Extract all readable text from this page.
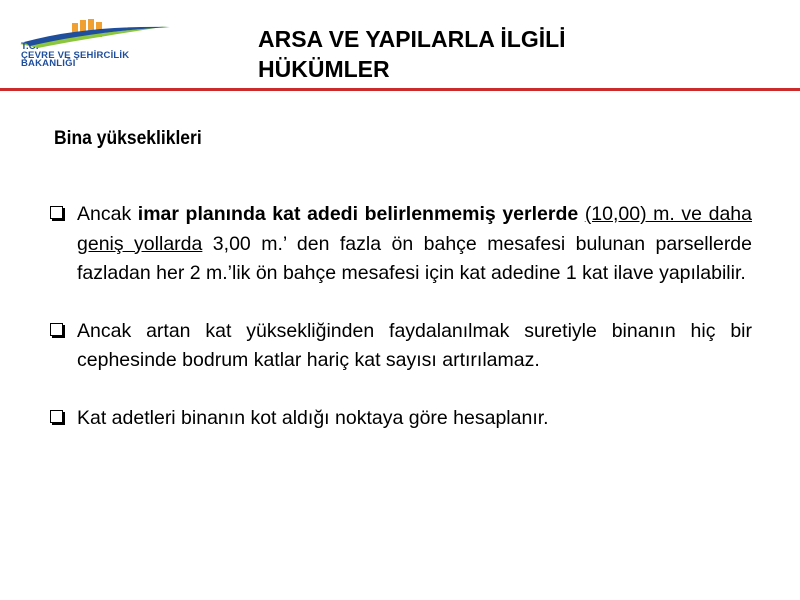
T.C.
ÇEVRE VE ŞEHİRCİLİK
BAKANLIĞI
ARSA VE YAPILARLA İLGİLİ HÜKÜMLER
Bina yükseklikleri
Ancak imar planında kat adedi belirlenmemiş yerlerde (10,00) m. ve daha geniş yollarda 3,00 m.’ den fazla ön bahçe mesafesi bulunan parsellerde fazladan her 2 m.’lik ön bahçe mesafesi için kat adedine 1 kat ilave yapılabilir.
Ancak artan kat yüksekliğinden faydalanılmak suretiyle binanın hiç bir cephesinde bodrum katlar hariç kat sayısı artırılamaz.
Kat adetleri binanın kot aldığı noktaya göre hesaplanır.
